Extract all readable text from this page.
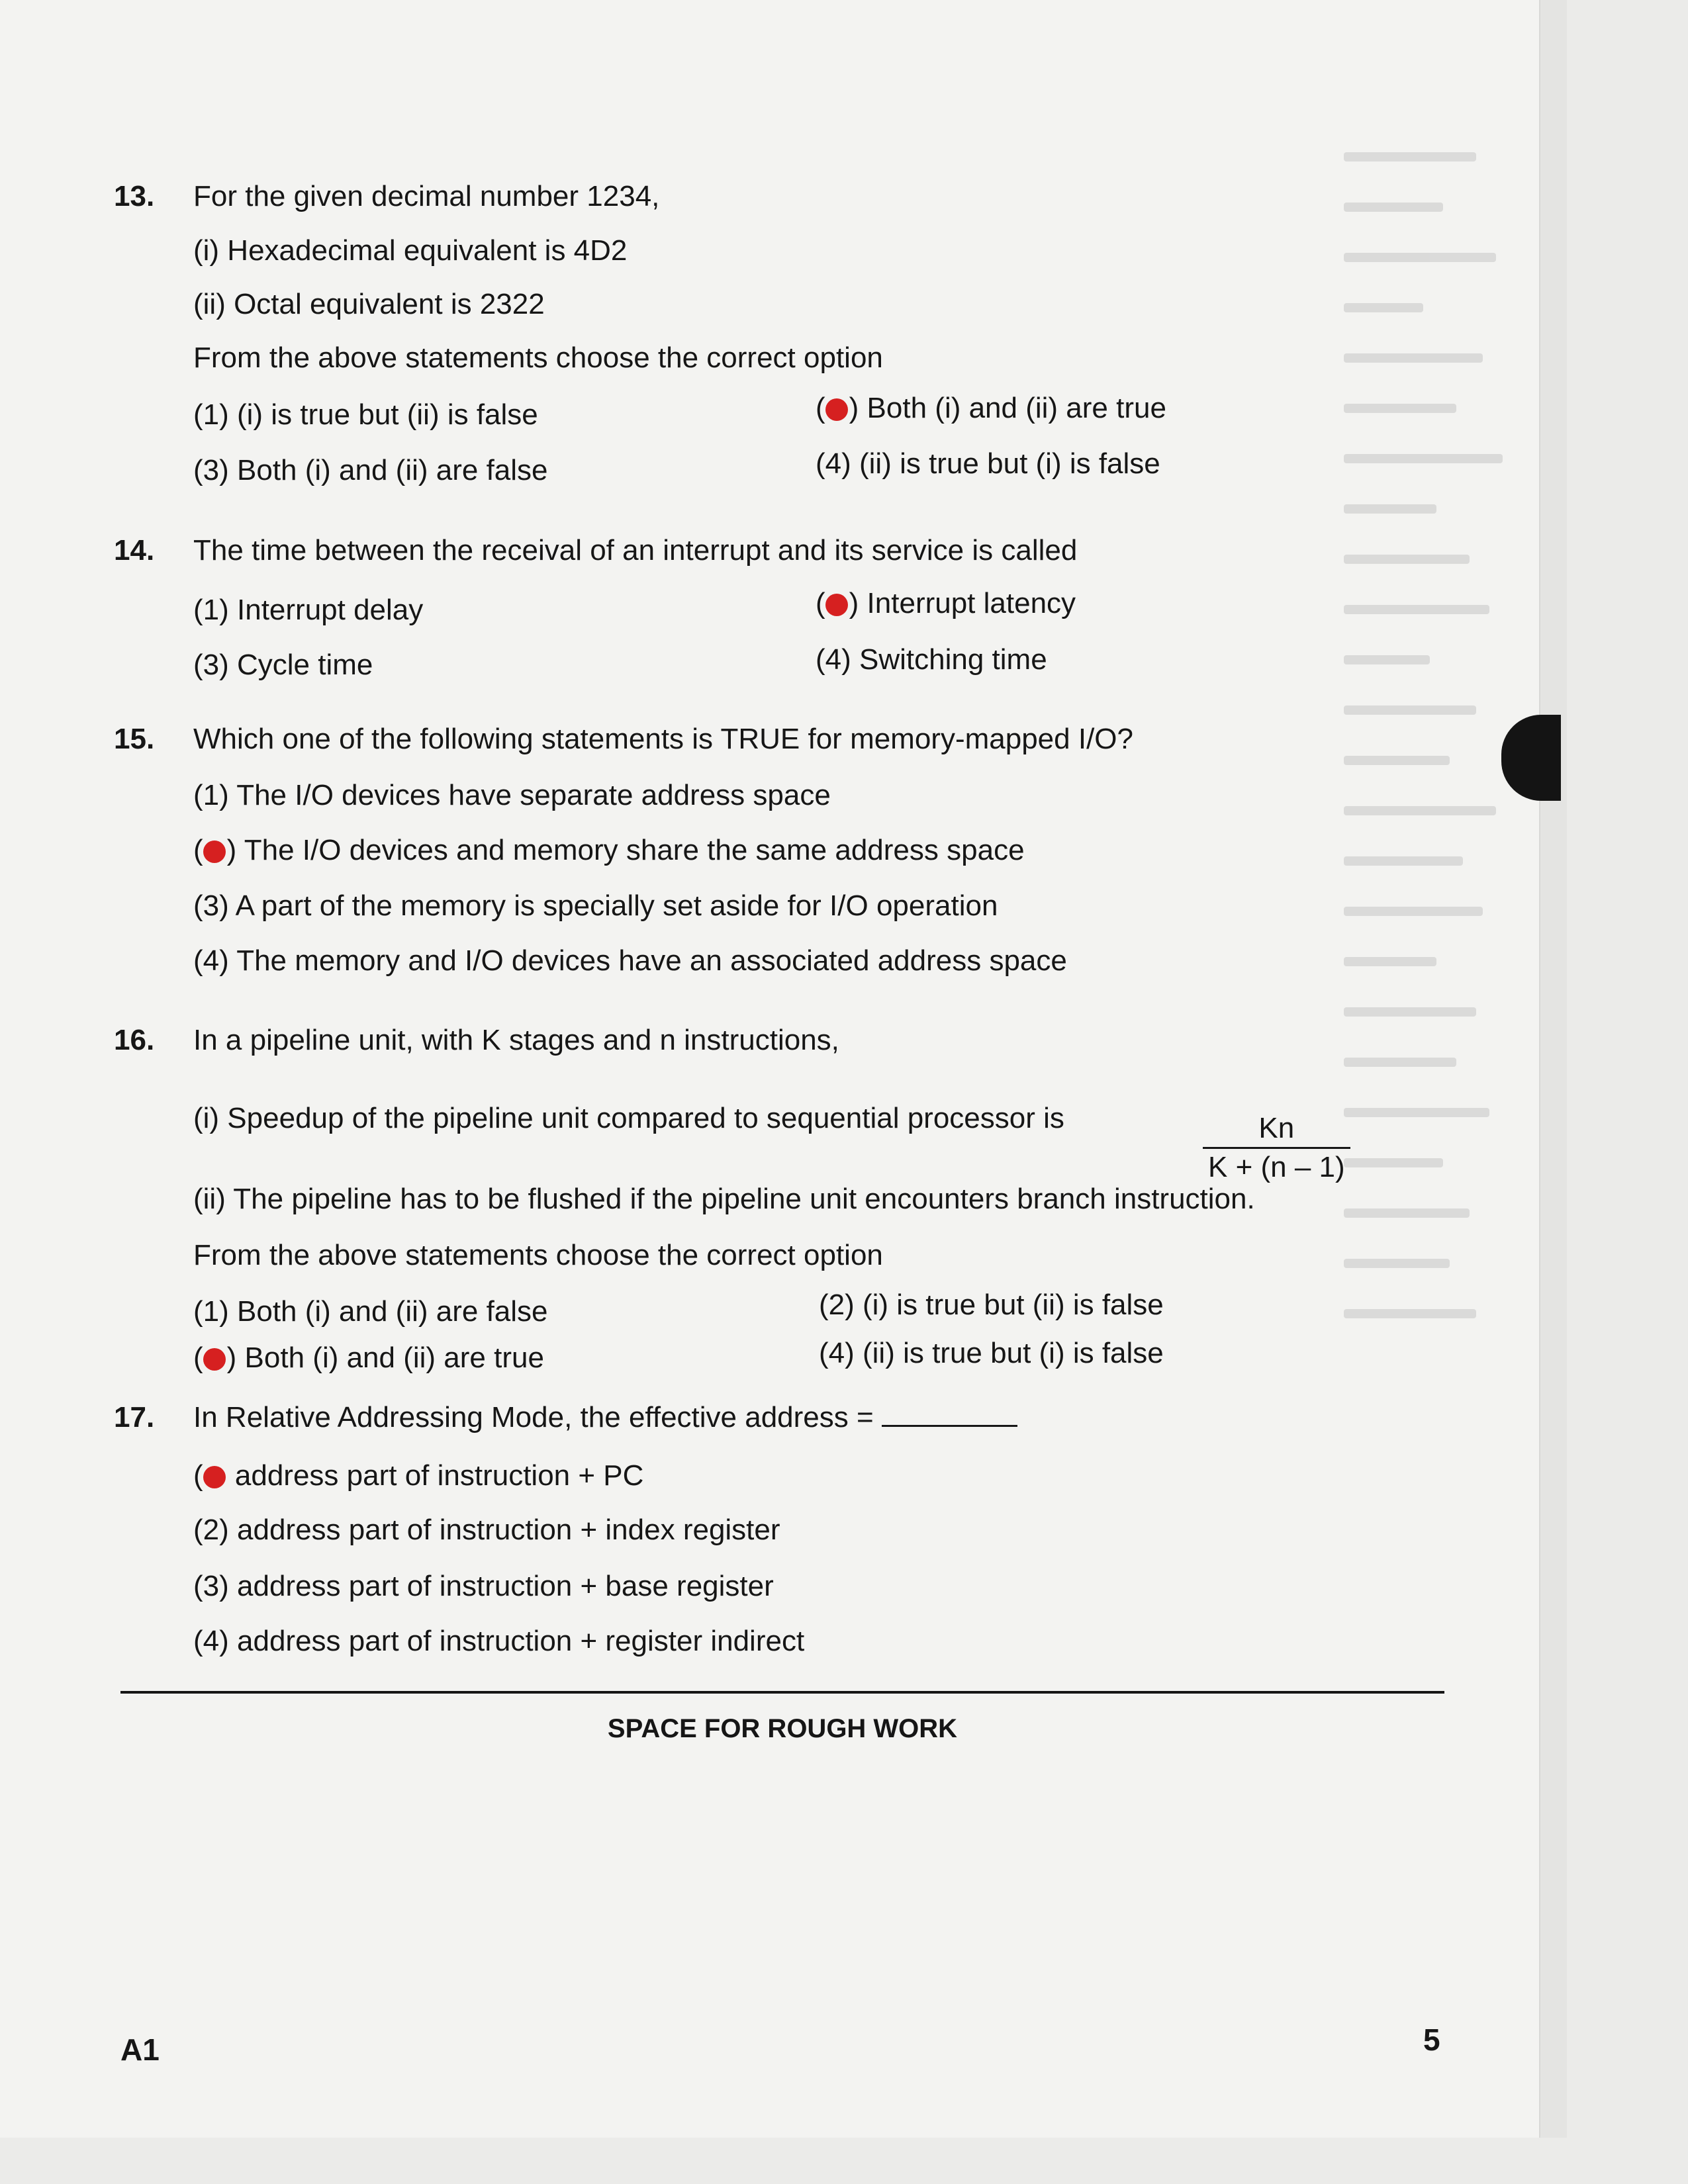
13. For the given decimal number 1234,
(i) Hexadecimal equivalent is 4D2
(ii) Octal equivalent is 2322
From the above statements choose the correct option
(1) (i) is true but (ii) is false	( ) Both (i) and (ii) are true
(3) Both (i) and (ii) are false	(4) (ii) is true but (i) is false
14. The time between the receival of an interrupt and its service is called
(1) Interrupt delay	( ) Interrupt latency
(3) Cycle time	(4) Switching time
15. Which one of the following statements is TRUE for memory-mapped I/O?
(1) The I/O devices have separate address space
( ) The I/O devices and memory share the same address space
(3) A part of the memory is specially set aside for I/O operation
(4) The memory and I/O devices have an associated address space
16. In a pipeline unit, with K stages and n instructions,
(i) Speedup of the pipeline unit compared to sequential processor is	$\frac{Kn}{K + (n - 1)}$
(ii) The pipeline has to be flushed if the pipeline unit encounters branch instruction.
From the above statements choose the correct option
(1) Both (i) and (ii) are false	(2) (i) is true but (ii) is false
( ) Both (i) and (ii) are true	(4) (ii) is true but (i) is false
17. In Relative Addressing Mode, the effective address =
( address part of instruction + PC
(2) address part of instruction + index register
(3) address part of instruction + base register
(4) address part of instruction + register indirect
SPACE FOR ROUGH WORK
A1	5
